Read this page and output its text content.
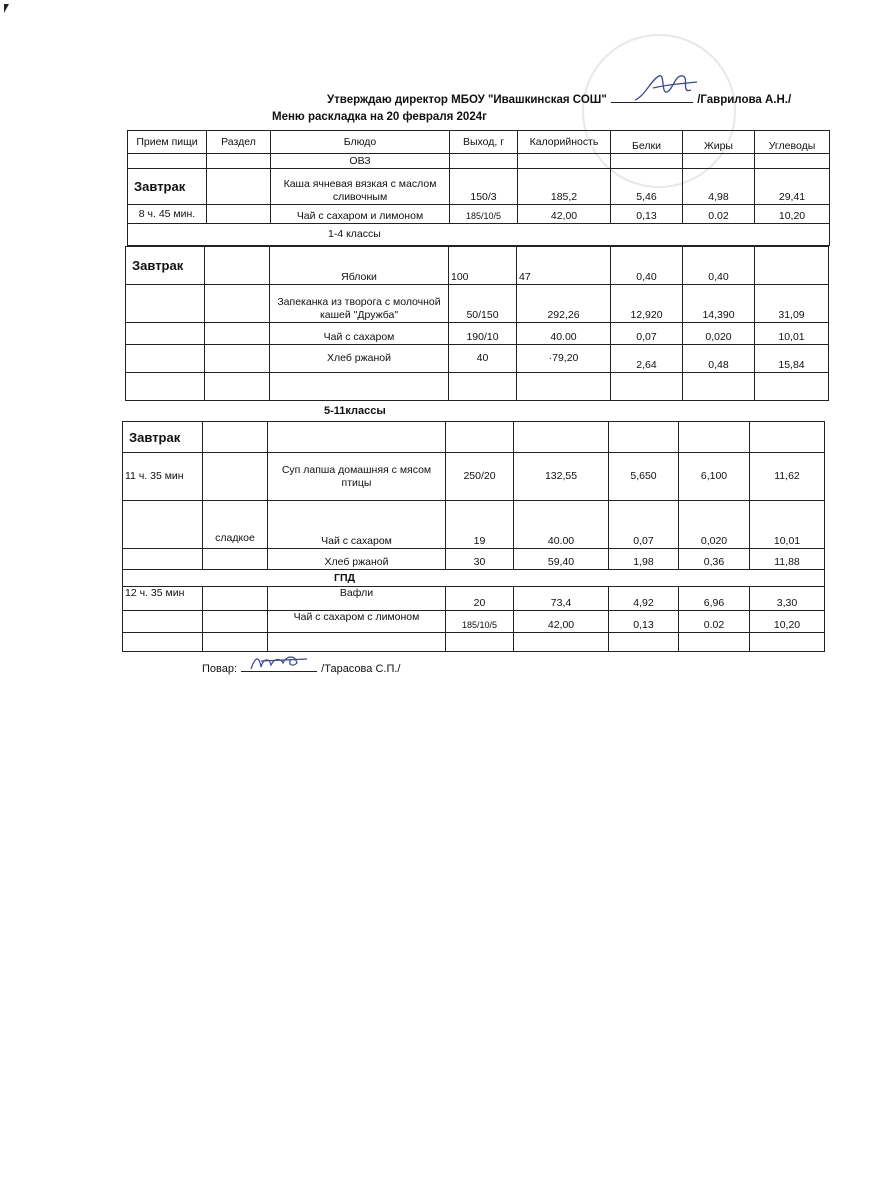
Утверждаю директор МБОУ "Ивашкинская СОШ"	/Гаврилова А.Н./
Меню раскладка на 20 февраля 2024г
Прием пищи	Раздел	Блюдо	Выход, г	Калорийность	Белки	Жиры	Углеводы
		ОВЗ					
Завтрак		Каша ячневая вязкая с маслом сливочным	150/3	185,2	5,46	4,98	29,41
8 ч. 45 мин.		Чай с сахаром и лимоном	185/10/5	42,00	0,13	0.02	10,20
1-4 классы							
Завтрак		Яблоки	100	47	0,40	0,40	
		Запеканка из творога с молочной кашей "Дружба"	50/150	292,26	12,920	14,390	31,09
		Чай с сахаром	190/10	40.00	0,07	0,020	10,01
		Хлеб ржаной	40	·79,20	2,64	0,48	15,84

5-11классы
Завтрак							
11 ч. 35 мин		Суп лапша домашняя с мясом птицы	250/20	132,55	5,650	6,100	11,62
	сладкое	Чай с сахаром	19	40.00	0,07	0,020	10,01
		Хлеб ржаной	30	59,40	1,98	0,36	11,88
ГПД							
12 ч. 35 мин		Вафли	20	73,4	4,92	6,96	3,30
		Чай с сахаром с лимоном	185/10/5	42,00	0,13	0.02	10,20

Повар:	/Тарасова С.П./
